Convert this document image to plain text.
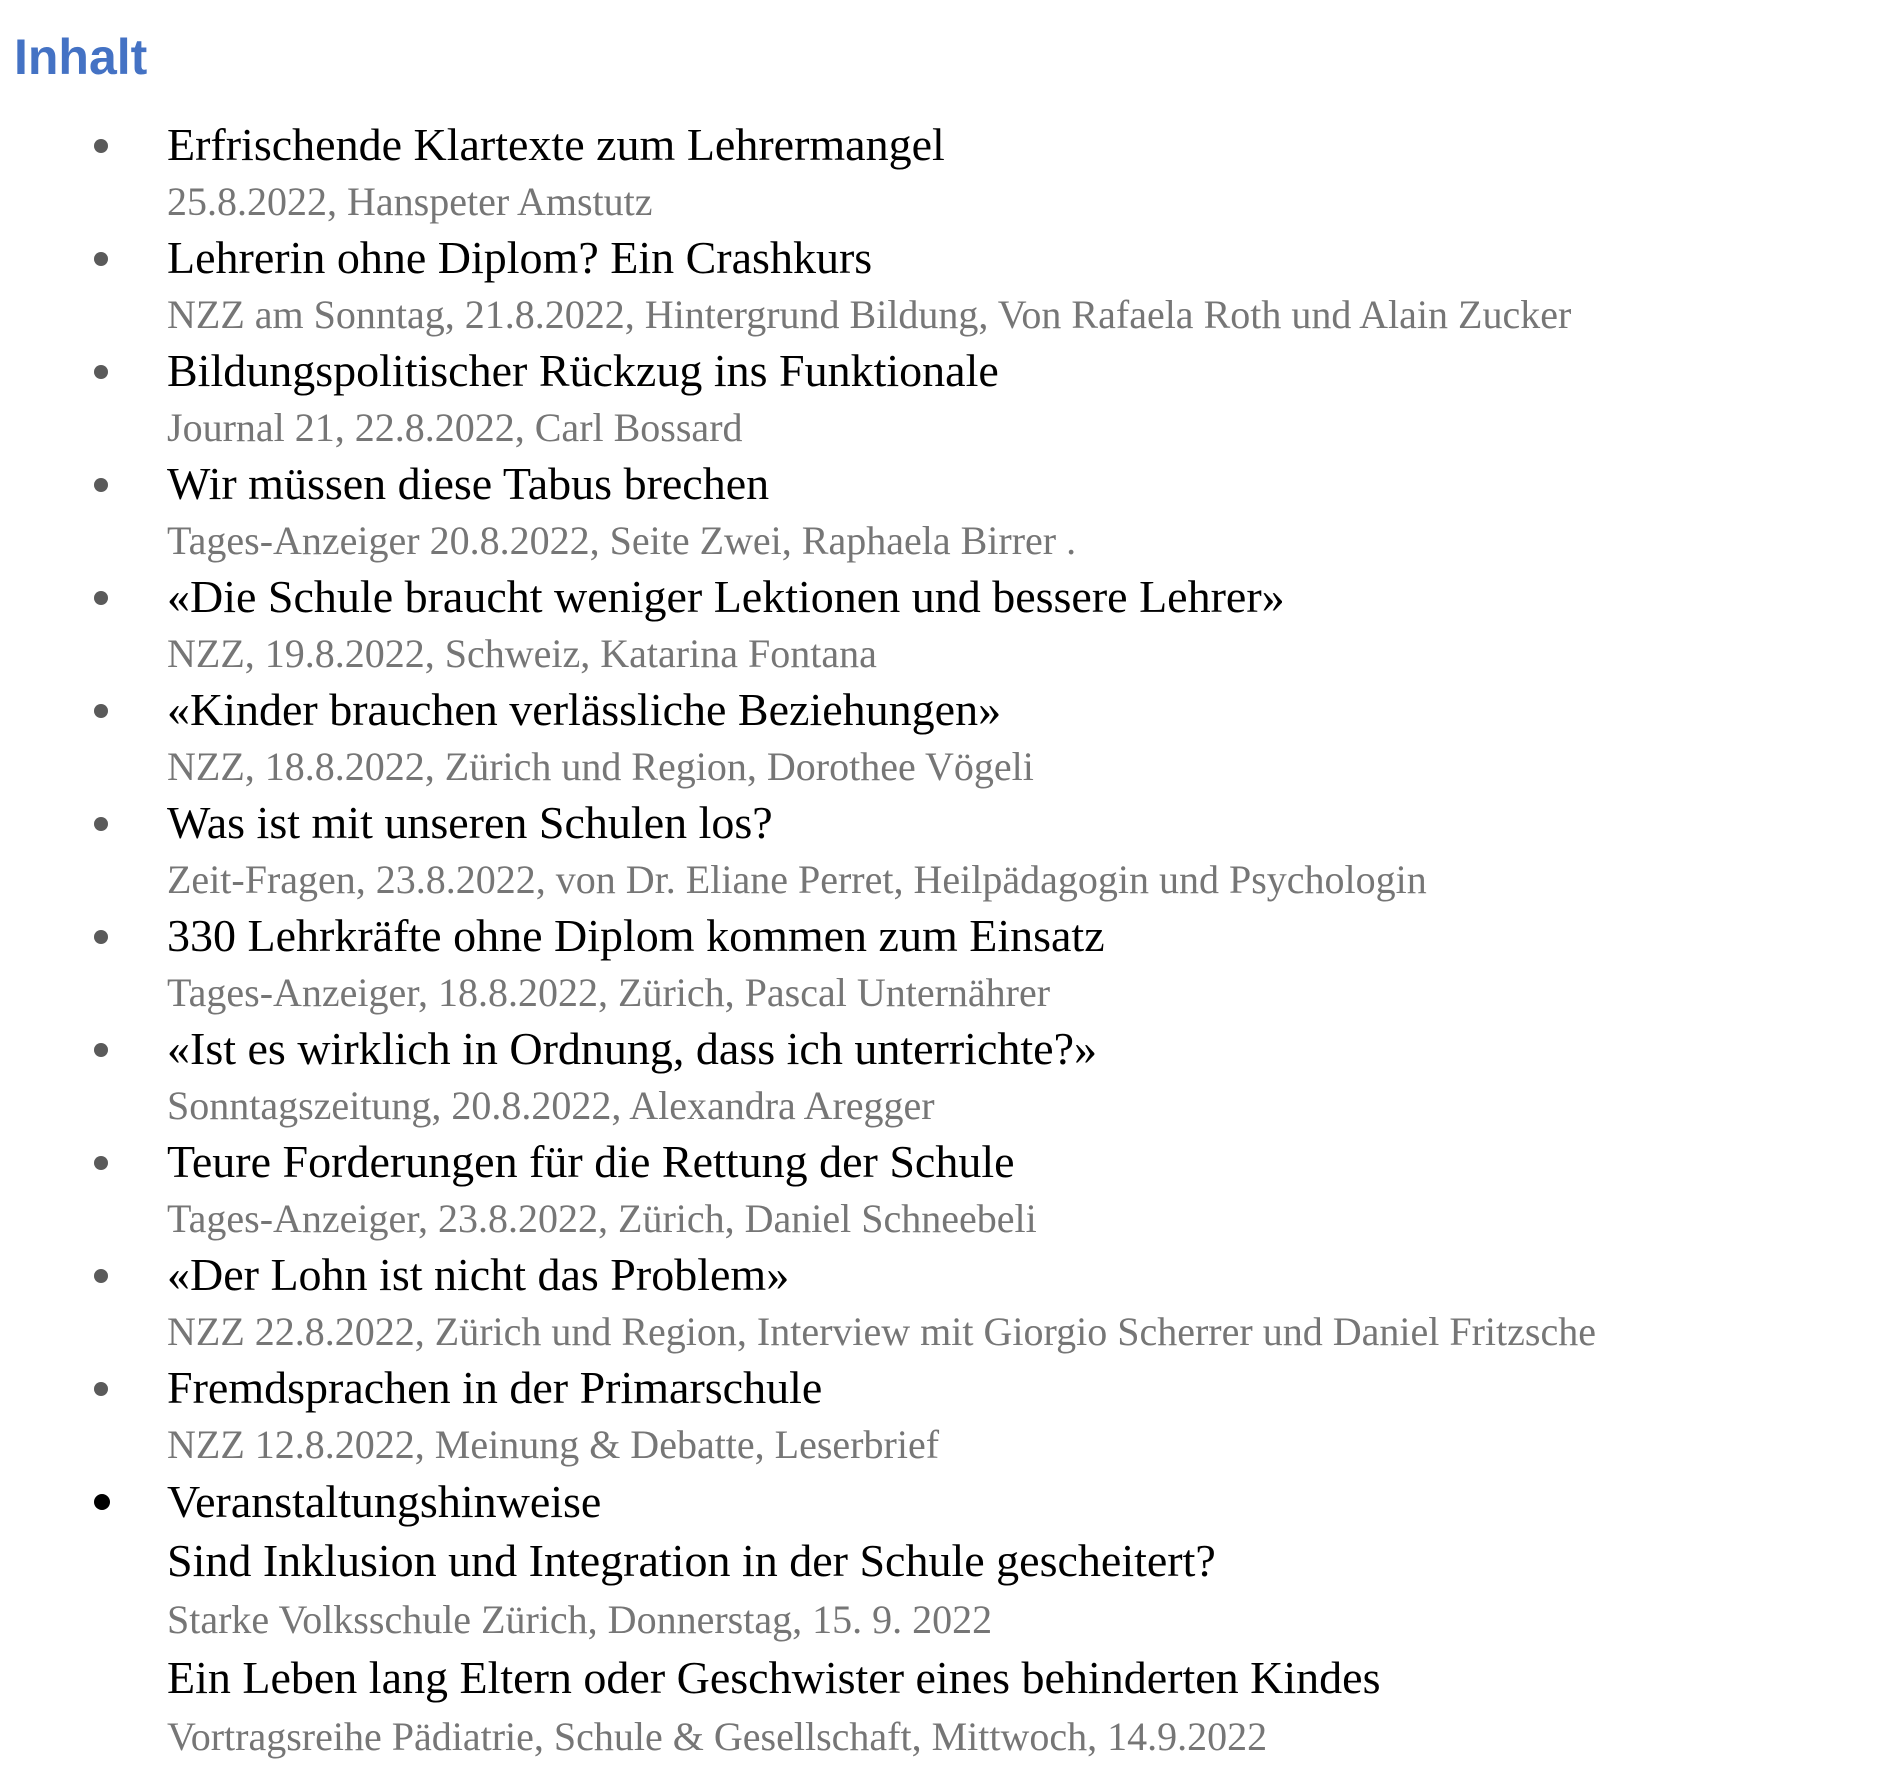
Inhalt
Erfrischende Klartexte zum Lehrermangel
25.8.2022, Hanspeter Amstutz
Lehrerin ohne Diplom? Ein Crashkurs
NZZ am Sonntag, 21.8.2022, Hintergrund Bildung, Von Rafaela Roth und Alain Zucker
Bildungspolitischer Rückzug ins Funktionale
Journal 21, 22.8.2022, Carl Bossard
Wir müssen diese Tabus brechen
Tages-Anzeiger 20.8.2022, Seite Zwei, Raphaela Birrer .
«Die Schule braucht weniger Lektionen und bessere Lehrer»
NZZ, 19.8.2022, Schweiz, Katarina Fontana
«Kinder brauchen verlässliche Beziehungen»
NZZ, 18.8.2022, Zürich und Region, Dorothee Vögeli
Was ist mit unseren Schulen los?
Zeit-Fragen, 23.8.2022, von Dr. Eliane Perret, Heilpädagogin und Psychologin
330 Lehrkräfte ohne Diplom kommen zum Einsatz
Tages-Anzeiger, 18.8.2022, Zürich, Pascal Unternährer
«Ist es wirklich in Ordnung, dass ich unterrichte?»
Sonntagszeitung, 20.8.2022, Alexandra Aregger
Teure Forderungen für die Rettung der Schule
Tages-Anzeiger, 23.8.2022, Zürich, Daniel Schneebeli
«Der Lohn ist nicht das Problem»
NZZ 22.8.2022, Zürich und Region, Interview mit Giorgio Scherrer und Daniel Fritzsche
Fremdsprachen in der Primarschule
NZZ 12.8.2022, Meinung & Debatte, Leserbrief
Veranstaltungshinweise
Sind Inklusion und Integration in der Schule gescheitert?
Starke Volksschule Zürich, Donnerstag, 15. 9. 2022
Ein Leben lang Eltern oder Geschwister eines behinderten Kindes
Vortragsreihe Pädiatrie, Schule & Gesellschaft, Mittwoch, 14.9.2022
